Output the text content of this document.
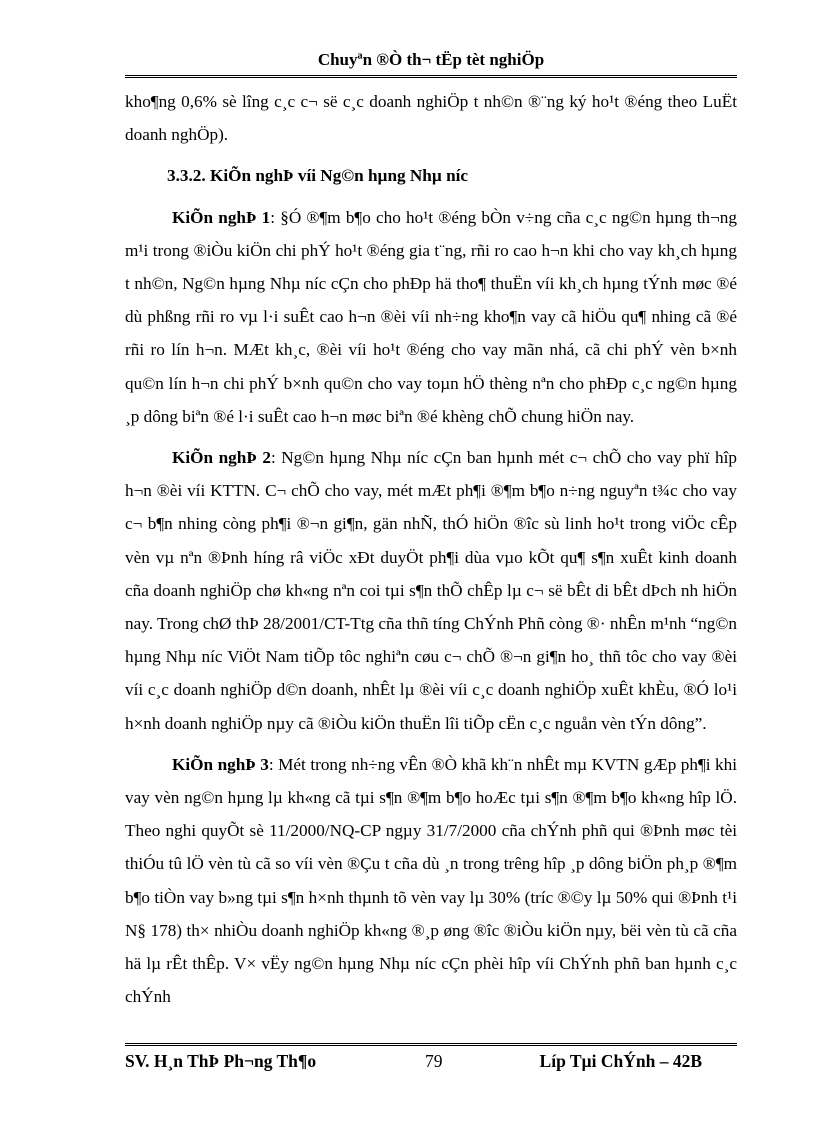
Chuyªn ®Ò th¬ tËp tèt nghiÖp

kho¶ng 0,6% sè lîng c¸c c¬ së c¸c doanh nghiÖp t nh©n ®¨ng ký ho¹t ®éng theo LuËt doanh nghÖp).

3.3.2. KiÕn nghÞ víi Ng©n hµng Nhµ níc

KiÕn nghÞ 1: §Ó ®¶m b¶o cho ho¹t ®éng bÒn v÷ng cña c¸c ng©n hµng th¬ng m¹i trong ®iÒu kiÖn chi phÝ ho¹t ®éng gia t¨ng, rñi ro cao h¬n khi cho vay kh¸ch hµng t nh©n, Ng©n hµng Nhµ níc cÇn cho phÐp hä tho¶ thuËn víi kh¸ch hµng tÝnh møc ®é dù phßng rñi ro vµ l·i suÊt cao h¬n ®èi víi nh÷ng kho¶n vay cã hiÖu qu¶ nhing cã ®é rñi ro lín h¬n. MÆt kh¸c, ®èi víi ho¹t ®éng cho vay mãn nhá, cã chi phÝ vèn b×nh qu©n lín h¬n chi phÝ b×nh qu©n cho vay toµn hÖ thèng nªn cho phÐp c¸c ng©n hµng ¸p dông biªn ®é l·i suÊt cao h¬n møc biªn ®é khèng chÕ chung hiÖn nay.

KiÕn nghÞ 2: Ng©n hµng Nhµ níc cÇn ban hµnh mét c¬ chÕ cho vay phï hîp h¬n ®èi víi KTTN. C¬ chÕ cho vay, mét mÆt ph¶i ®¶m b¶o n÷ng nguyªn t¾c cho vay c¬ b¶n nhing còng ph¶i ®¬n gi¶n, gän nhÑ, thÓ hiÖn ®îc sù linh ho¹t trong viÖc cÊp vèn vµ nªn ®Þnh híng râ viÖc xÐt duyÖt ph¶i dùa vµo kÕt qu¶ s¶n xuÊt kinh doanh cña doanh nghiÖp chø kh«ng nªn coi tµi s¶n thÕ chÊp lµ c¬ së bÊt di bÊt dÞch nh hiÖn nay. Trong chØ thÞ 28/2001/CT-Ttg cña thñ tíng ChÝnh Phñ còng ®· nhÊn m¹nh “ng©n hµng Nhµ níc ViÖt Nam tiÕp tôc nghiªn cøu c¬ chÕ ®¬n gi¶n ho¸ thñ tôc cho vay ®èi víi c¸c doanh nghiÖp d©n doanh, nhÊt lµ ®èi víi c¸c doanh nghiÖp xuÊt khÈu, ®Ó lo¹i h×nh doanh nghiÖp nµy cã ®iÒu kiÖn thuËn lîi tiÕp cËn c¸c nguån vèn tÝn dông”.

KiÕn nghÞ 3: Mét trong nh÷ng vÊn ®Ò khã kh¨n nhÊt mµ KVTN gÆp ph¶i khi vay vèn ng©n hµng lµ kh«ng cã tµi s¶n ®¶m b¶o hoÆc tµi s¶n ®¶m b¶o kh«ng hîp lÖ. Theo nghi quyÕt sè 11/2000/NQ-CP ngµy 31/7/2000 cña chÝnh phñ qui ®Þnh møc tèi thiÓu tû lÖ vèn tù cã so víi vèn ®Çu t cña dù ¸n trong trêng hîp ¸p dông biÖn ph¸p ®¶m b¶o tiÒn vay b»ng tµi s¶n h×nh thµnh tõ vèn vay lµ 30% (tríc ®©y lµ 50% qui ®Þnh t¹i N§ 178) th× nhiÒu doanh nghiÖp kh«ng ®¸p øng ®îc ®iÒu kiÖn nµy, bëi vèn tù cã cña hä lµ rÊt thÊp. V× vËy ng©n hµng Nhµ níc cÇn phèi hîp víi ChÝnh phñ ban hµnh c¸c chÝnh

SV. H¸n ThÞ Ph¬ng Th¶o	79	Líp Tµi ChÝnh – 42B
